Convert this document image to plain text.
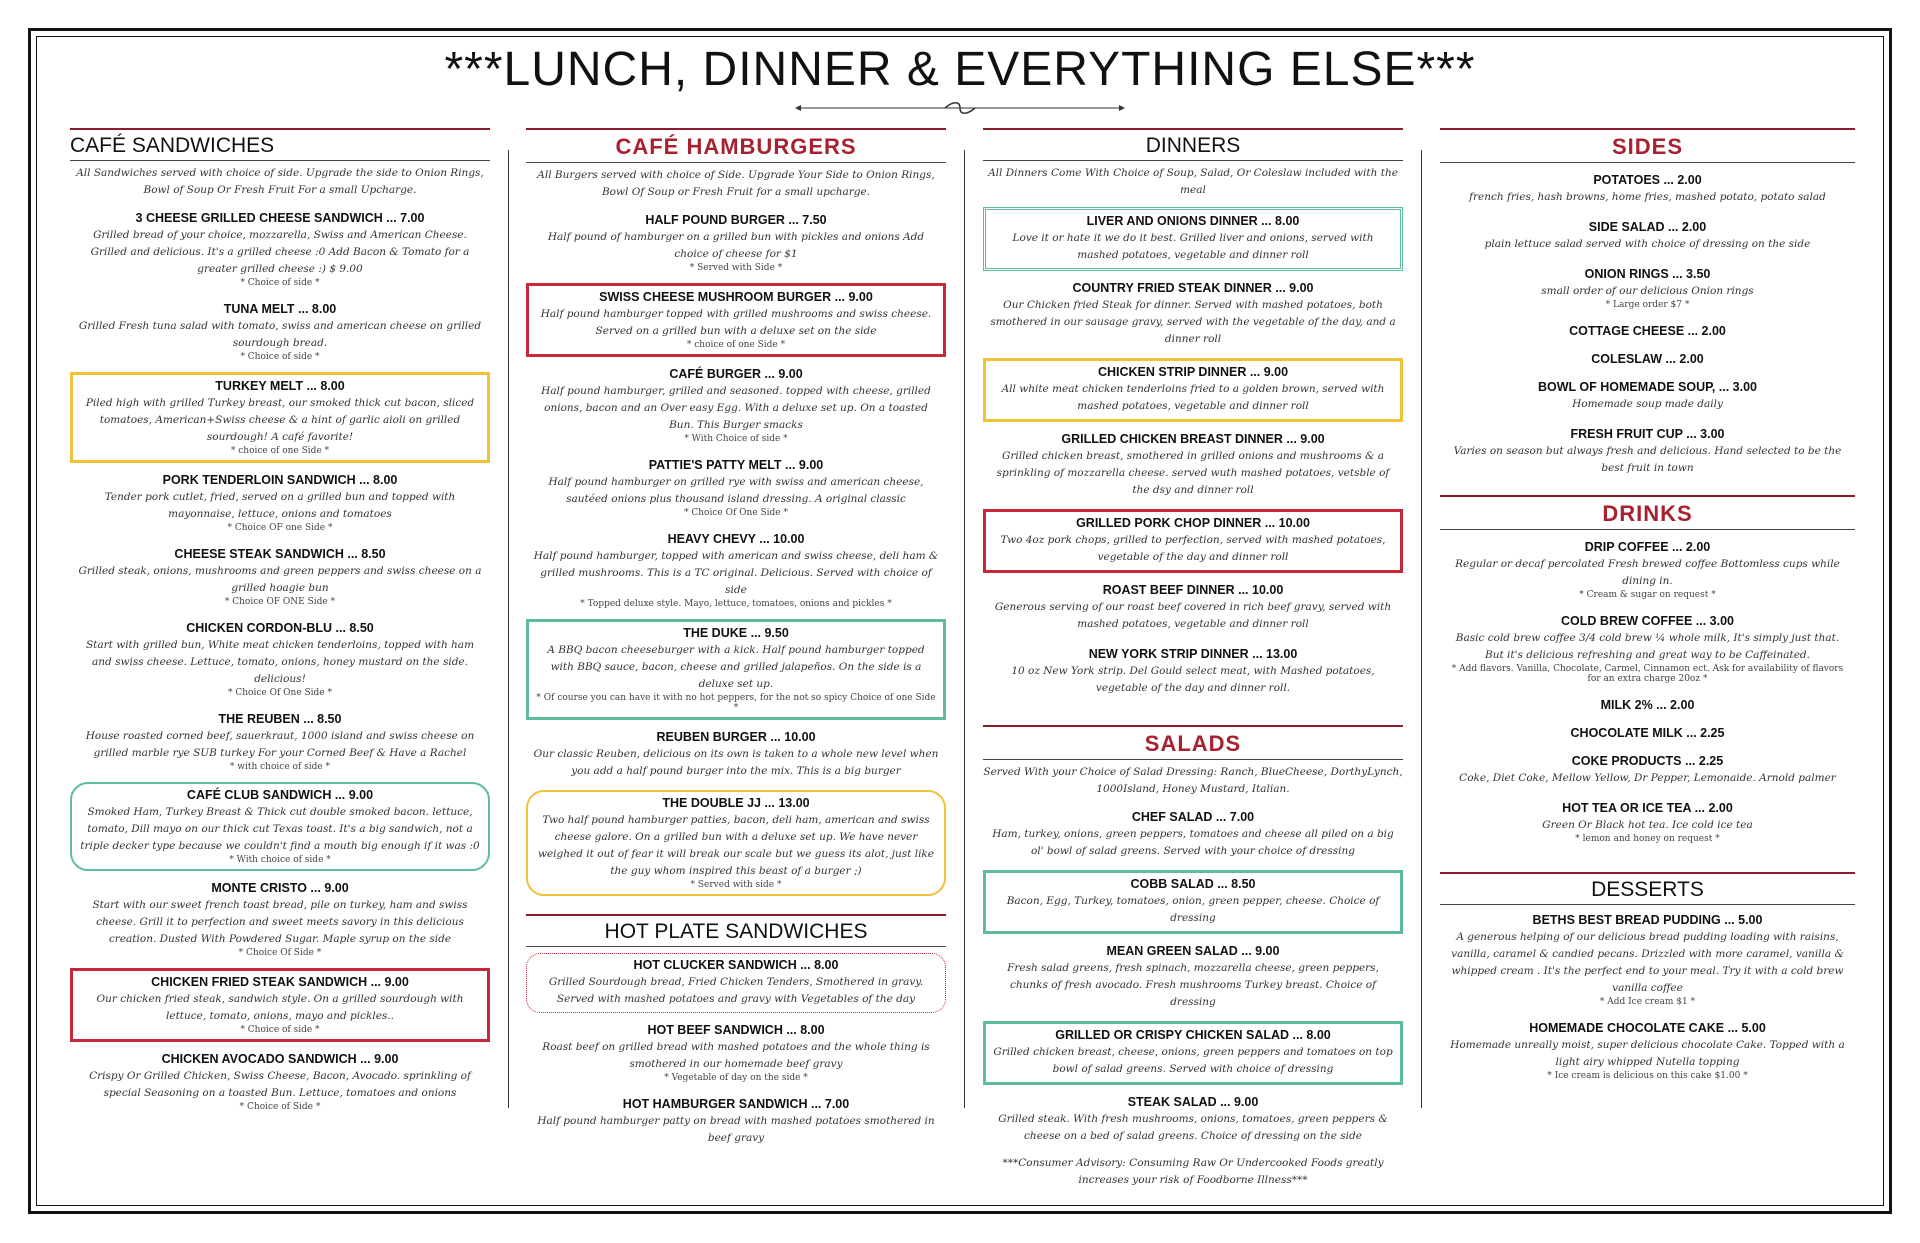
***LUNCH, DINNER & EVERYTHING ELSE***
CAFÉ SANDWICHES
All Sandwiches served with choice of side. Upgrade the side to Onion Rings, Bowl of Soup Or Fresh Fruit For a small Upcharge.
3 CHEESE GRILLED CHEESE SANDWICH ... 7.00
Grilled bread of your choice, mozzarella, Swiss and American Cheese. Grilled and delicious. It's a grilled cheese :0 Add Bacon & Tomato for a greater grilled cheese :) $ 9.00
* Choice of side *
TUNA MELT ... 8.00
Grilled Fresh tuna salad with tomato, swiss and american cheese on grilled sourdough bread.
* Choice of side *
TURKEY MELT ... 8.00
Piled high with grilled Turkey breast, our smoked thick cut bacon, sliced tomatoes, American+Swiss cheese & a hint of garlic aioli on grilled sourdough! A café favorite!
* choice of one Side *
PORK TENDERLOIN SANDWICH ... 8.00
Tender pork cutlet, fried, served on a grilled bun and topped with mayonnaise, lettuce, onions and tomatoes
* Choice OF one Side *
CHEESE STEAK SANDWICH ... 8.50
Grilled steak, onions, mushrooms and green peppers and swiss cheese on a grilled hoagie bun
* Choice OF ONE Side *
CHICKEN CORDON-BLU ... 8.50
Start with grilled bun, White meat chicken tenderloins, topped with ham and swiss cheese. Lettuce, tomato, onions, honey mustard on the side. delicious!
* Choice Of One Side *
THE REUBEN ... 8.50
House roasted corned beef, sauerkraut, 1000 island and swiss cheese on grilled marble rye SUB turkey For your Corned Beef & Have a Rachel
* with choice of side *
CAFÉ CLUB SANDWICH ... 9.00
Smoked Ham, Turkey Breast & Thick cut double smoked bacon. lettuce, tomato, Dill mayo on our thick cut Texas toast. It's a big sandwich, not a triple decker type because we couldn't find a mouth big enough if it was :0
* With choice of side *
MONTE CRISTO ... 9.00
Start with our sweet french toast bread, pile on turkey, ham and swiss cheese. Grill it to perfection and sweet meets savory in this delicious creation. Dusted With Powdered Sugar. Maple syrup on the side
* Choice Of Side *
CHICKEN FRIED STEAK SANDWICH ... 9.00
Our chicken fried steak, sandwich style. On a grilled sourdough with lettuce, tomato, onions, mayo and pickles..
* Choice of side *
CHICKEN AVOCADO SANDWICH ... 9.00
Crispy Or Grilled Chicken, Swiss Cheese, Bacon, Avocado. sprinkling of special Seasoning on a toasted Bun. Lettuce, tomatoes and onions
* Choice of Side *
CAFÉ HAMBURGERS
All Burgers served with choice of Side. Upgrade Your Side to Onion Rings, Bowl Of Soup or Fresh Fruit for a small upcharge.
HALF POUND BURGER ... 7.50
Half pound of hamburger on a grilled bun with pickles and onions Add choice of cheese for $1
* Served with Side *
SWISS CHEESE MUSHROOM BURGER ... 9.00
Half pound hamburger topped with grilled mushrooms and swiss cheese. Served on a grilled bun with a deluxe set on the side
* choice of one Side *
CAFÉ BURGER ... 9.00
Half pound hamburger, grilled and seasoned. topped with cheese, grilled onions, bacon and an Over easy Egg. With a deluxe set up. On a toasted Bun. This Burger smacks
* With Choice of side *
PATTIE'S PATTY MELT ... 9.00
Half pound hamburger on grilled rye with swiss and american cheese, sautéed onions plus thousand island dressing. A original classic
* Choice Of One Side *
HEAVY CHEVY ... 10.00
Half pound hamburger, topped with american and swiss cheese, deli ham & grilled mushrooms. This is a TC original. Delicious. Served with choice of side
* Topped deluxe style. Mayo, lettuce, tomatoes, onions and pickles *
THE DUKE ... 9.50
A BBQ bacon cheeseburger with a kick. Half pound hamburger topped with BBQ sauce, bacon, cheese and grilled jalapeños. On the side is a deluxe set up.
* Of course you can have it with no hot peppers, for the not so spicy Choice of one Side *
REUBEN BURGER ... 10.00
Our classic Reuben, delicious on its own is taken to a whole new level when you add a half pound burger into the mix. This is a big burger
THE DOUBLE JJ ... 13.00
Two half pound hamburger patties, bacon, deli ham, american and swiss cheese galore. On a grilled bun with a deluxe set up. We have never weighed it out of fear it will break our scale but we guess its alot, just like the guy whom inspired this beast of a burger ;)
* Served with side *
HOT PLATE SANDWICHES
HOT CLUCKER SANDWICH ... 8.00
Grilled Sourdough bread, Fried Chicken Tenders, Smothered in gravy. Served with mashed potatoes and gravy with Vegetables of the day
HOT BEEF SANDWICH ... 8.00
Roast beef on grilled bread with mashed potatoes and the whole thing is smothered in our homemade beef gravy
* Vegetable of day on the side *
HOT HAMBURGER SANDWICH ... 7.00
Half pound hamburger patty on bread with mashed potatoes smothered in beef gravy
DINNERS
All Dinners Come With Choice of Soup, Salad, Or Coleslaw included with the meal
LIVER AND ONIONS DINNER ... 8.00
Love it or hate it we do it best. Grilled liver and onions, served with mashed potatoes, vegetable and dinner roll
COUNTRY FRIED STEAK DINNER ... 9.00
Our Chicken fried Steak for dinner. Served with mashed potatoes, both smothered in our sausage gravy, served with the vegetable of the day, and a dinner roll
CHICKEN STRIP DINNER ... 9.00
All white meat chicken tenderloins fried to a golden brown, served with mashed potatoes, vegetable and dinner roll
GRILLED CHICKEN BREAST DINNER ... 9.00
Grilled chicken breast, smothered in grilled onions and mushrooms & a sprinkling of mozzarella cheese. served wuth mashed potatoes, vetsble of the dsy and dinner roll
GRILLED PORK CHOP DINNER ... 10.00
Two 4oz pork chops, grilled to perfection, served with mashed potatoes, vegetable of the day and dinner roll
ROAST BEEF DINNER ... 10.00
Generous serving of our roast beef covered in rich beef gravy, served with mashed potatoes, vegetable and dinner roll
NEW YORK STRIP DINNER ... 13.00
10 oz New York strip. Del Gould select meat, with Mashed potatoes, vegetable of the day and dinner roll.
SALADS
Served With your Choice of Salad Dressing: Ranch, BlueCheese, DorthyLynch, 1000Island, Honey Mustard, Italian.
CHEF SALAD ... 7.00
Ham, turkey, onions, green peppers, tomatoes and cheese all piled on a big ol' bowl of salad greens. Served with your choice of dressing
COBB SALAD ... 8.50
Bacon, Egg, Turkey, tomatoes, onion, green pepper, cheese. Choice of dressing
MEAN GREEN SALAD ... 9.00
Fresh salad greens, fresh spinach, mozzarella cheese, green peppers, chunks of fresh avocado. Fresh mushrooms Turkey breast. Choice of dressing
GRILLED OR CRISPY CHICKEN SALAD ... 8.00
Grilled chicken breast, cheese, onions, green peppers and tomatoes on top bowl of salad greens. Served with choice of dressing
STEAK SALAD ... 9.00
Grilled steak. With fresh mushrooms, onions, tomatoes, green peppers & cheese on a bed of salad greens. Choice of dressing on the side
***Consumer Advisory: Consuming Raw Or Undercooked Foods greatly increases your risk of Foodborne Illness***
SIDES
POTATOES ... 2.00
french fries, hash browns, home fries, mashed potato, potato salad
SIDE SALAD ... 2.00
plain lettuce salad served with choice of dressing on the side
ONION RINGS ... 3.50
small order of our delicious Onion rings
* Large order $7 *
COTTAGE CHEESE ... 2.00
COLESLAW ... 2.00
BOWL OF HOMEMADE SOUP, ... 3.00
Homemade soup made daily
FRESH FRUIT CUP ... 3.00
Varies on season but always fresh and delicious. Hand selected to be the best fruit in town
DRINKS
DRIP COFFEE ... 2.00
Regular or decaf percolated Fresh brewed coffee Bottomless cups while dining in.
* Cream & sugar on request *
COLD BREW COFFEE ... 3.00
Basic cold brew coffee 3/4 cold brew ¼ whole milk, It's simply just that. But it's delicious refreshing and great way to be Caffeinated.
* Add flavors. Vanilla, Chocolate, Carmel, Cinnamon ect. Ask for availability of flavors for an extra charge 20oz *
MILK 2% ... 2.00
CHOCOLATE MILK ... 2.25
COKE PRODUCTS ... 2.25
Coke, Diet Coke, Mellow Yellow, Dr Pepper, Lemonaide. Arnold palmer
HOT TEA OR ICE TEA ... 2.00
Green Or Black hot tea. Ice cold ice tea
* lemon and honey on request *
DESSERTS
BETHS BEST BREAD PUDDING ... 5.00
A generous helping of our delicious bread pudding loading with raisins, vanilla, caramel & candied pecans. Drizzled with more caramel, vanilla & whipped cream . It's the perfect end to your meal. Try it with a cold brew vanilla coffee
* Add Ice cream $1 *
HOMEMADE CHOCOLATE CAKE ... 5.00
Homemade unreally moist, super delicious chocolate Cake. Topped with a light airy whipped Nutella topping
* Ice cream is delicious on this cake $1.00 *
